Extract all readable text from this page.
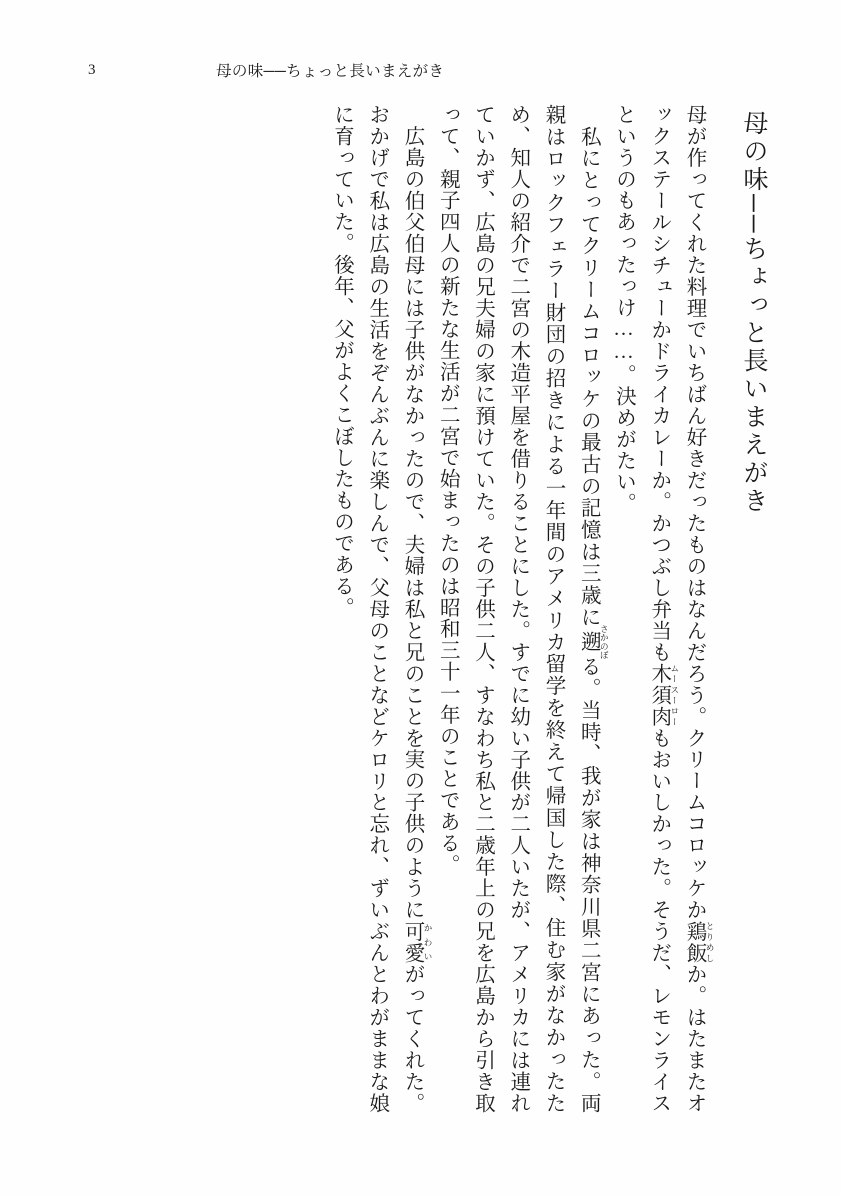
3	母の味──ちょっと長いまえがき
母の味──ちょっと長いまえがき
母が作ってくれた料理でいちばん好きだったものはなんだろう。クリームコロッケか鶏飯 とりめしか。はたまたオックステールシチューかドライカレーか。かつぶし弁当も木須肉 ムースーローもおいしかった。そうだ、レモンライスというのもあったっけ……。決めがたい。
　私にとってクリームコロッケの最古の記憶は三歳に遡 さかのぼる。当時、我が家は神奈川県二宮にあった。両親はロックフェラー財団の招きによる一年間のアメリカ留学を終えて帰国した際、住む家がなかったため、知人の紹介で二宮の木造平屋を借りることにした。すでに幼い子供が二人いたが、アメリカには連れていかず、広島の兄夫婦の家に預けていた。その子供二人、すなわち私と二歳年上の兄を広島から引き取って、親子四人の新たな生活が二宮で始まったのは昭和三十一年のことである。
　広島の伯父伯母には子供がなかったので、夫婦は私と兄のことを実の子供のように可愛 かわいがってくれた。おかげで私は広島の生活をぞんぶんに楽しんで、父母のことなどケロリと忘れ、ずいぶんとわがままな娘に育っていた。後年、父がよくこぼしたものである。
